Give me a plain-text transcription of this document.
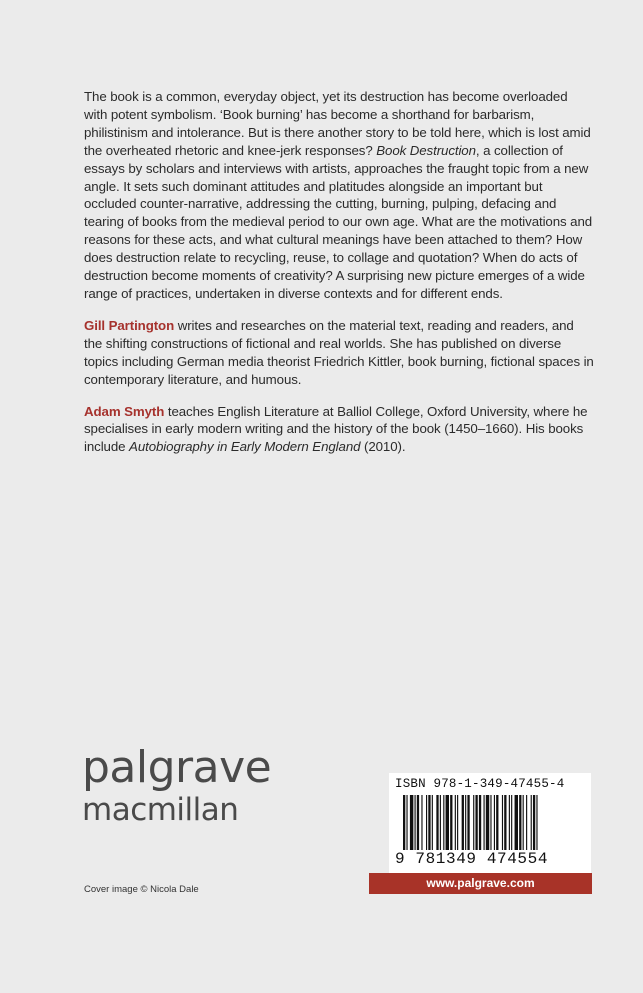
The book is a common, everyday object, yet its destruction has become overloaded with potent symbolism. ‘Book burning’ has become a shorthand for barbarism, philistinism and intolerance. But is there another story to be told here, which is lost amid the overheated rhetoric and knee-jerk responses? Book Destruction, a collection of essays by scholars and interviews with artists, approaches the fraught topic from a new angle. It sets such dominant attitudes and platitudes alongside an important but occluded counter-narrative, addressing the cutting, burning, pulping, defacing and tearing of books from the medieval period to our own age. What are the motivations and reasons for these acts, and what cultural meanings have been attached to them? How does destruction relate to recycling, reuse, to collage and quotation? When do acts of destruction become moments of creativity? A surprising new picture emerges of a wide range of practices, undertaken in diverse contexts and for different ends.

Gill Partington writes and researches on the material text, reading and readers, and the shifting constructions of fictional and real worlds. She has published on diverse topics including German media theorist Friedrich Kittler, book burning, fictional spaces in contemporary literature, and humous.

Adam Smyth teaches English Literature at Balliol College, Oxford University, where he specialises in early modern writing and the history of the book (1450–1660). His books include Autobiography in Early Modern England (2010).

palgrave
macmillan
Cover image © Nicola Dale
ISBN 978-1-349-47455-4
9 781349 474554
www.palgrave.com
